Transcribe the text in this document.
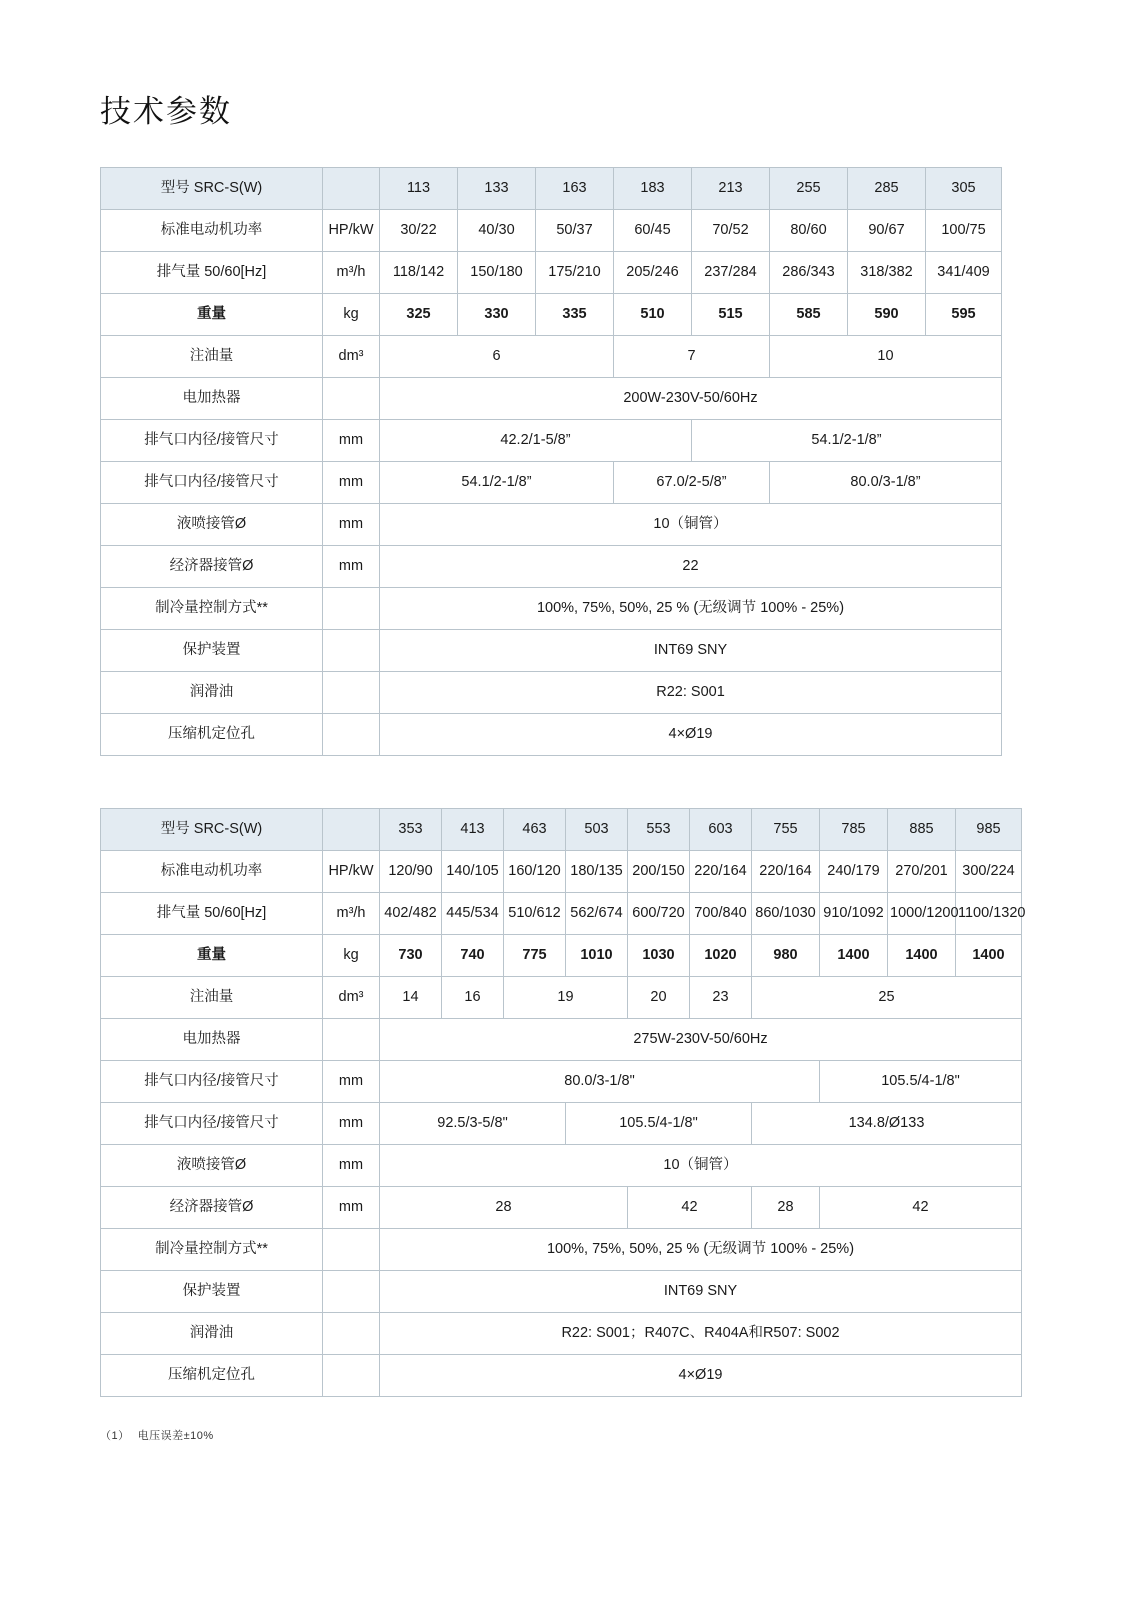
技术参数
型号 SRC-S(W)		113	133	163	183	213	255	285	305
标准电动机功率	HP/kW	30/22	40/30	50/37	60/45	70/52	80/60	90/67	100/75
排气量 50/60[Hz]	m³/h	118/142	150/180	175/210	205/246	237/284	286/343	318/382	341/409
重量	kg	325	330	335	510	515	585	590	595
注油量	dm³	6			7		10		
电加热器		200W-230V-50/60Hz							
排气口内径/接管尺寸	mm	42.2/1-5/8”				54.1/2-1/8”			
排气口内径/接管尺寸	mm	54.1/2-1/8”			67.0/2-5/8”		80.0/3-1/8”		
液喷接管Ø	mm	10（铜管）							
经济器接管Ø	mm	22							
制冷量控制方式**		100%, 75%, 50%, 25 % (无级调节 100% - 25%)							
保护装置		INT69 SNY							
润滑油		R22: S001							
压缩机定位孔		4×Ø19							
型号 SRC-S(W)		353	413	463	503	553	603	755	785	885	985
标准电动机功率	HP/kW	120/90	140/105	160/120	180/135	200/150	220/164	220/164	240/179	270/201	300/224
排气量 50/60[Hz]	m³/h	402/482	445/534	510/612	562/674	600/720	700/840	860/1030	910/1092	1000/1200	1100/1320
重量	kg	730	740	775	1010	1030	1020	980	1400	1400	1400
注油量	dm³	14	16	19		20	23	25			
电加热器		275W-230V-50/60Hz									
排气口内径/接管尺寸	mm	80.0/3-1/8"							105.5/4-1/8"		
排气口内径/接管尺寸	mm	92.5/3-5/8"			105.5/4-1/8"			134.8/Ø133			
液喷接管Ø	mm	10（铜管）									
经济器接管Ø	mm	28				42		28	42		
制冷量控制方式**		100%, 75%, 50%, 25 % (无级调节 100% - 25%)									
保护装置		INT69 SNY									
润滑油		R22: S001；R407C、R404A和R507: S002									
压缩机定位孔		4×Ø19									
（1） 电压误差±10%
